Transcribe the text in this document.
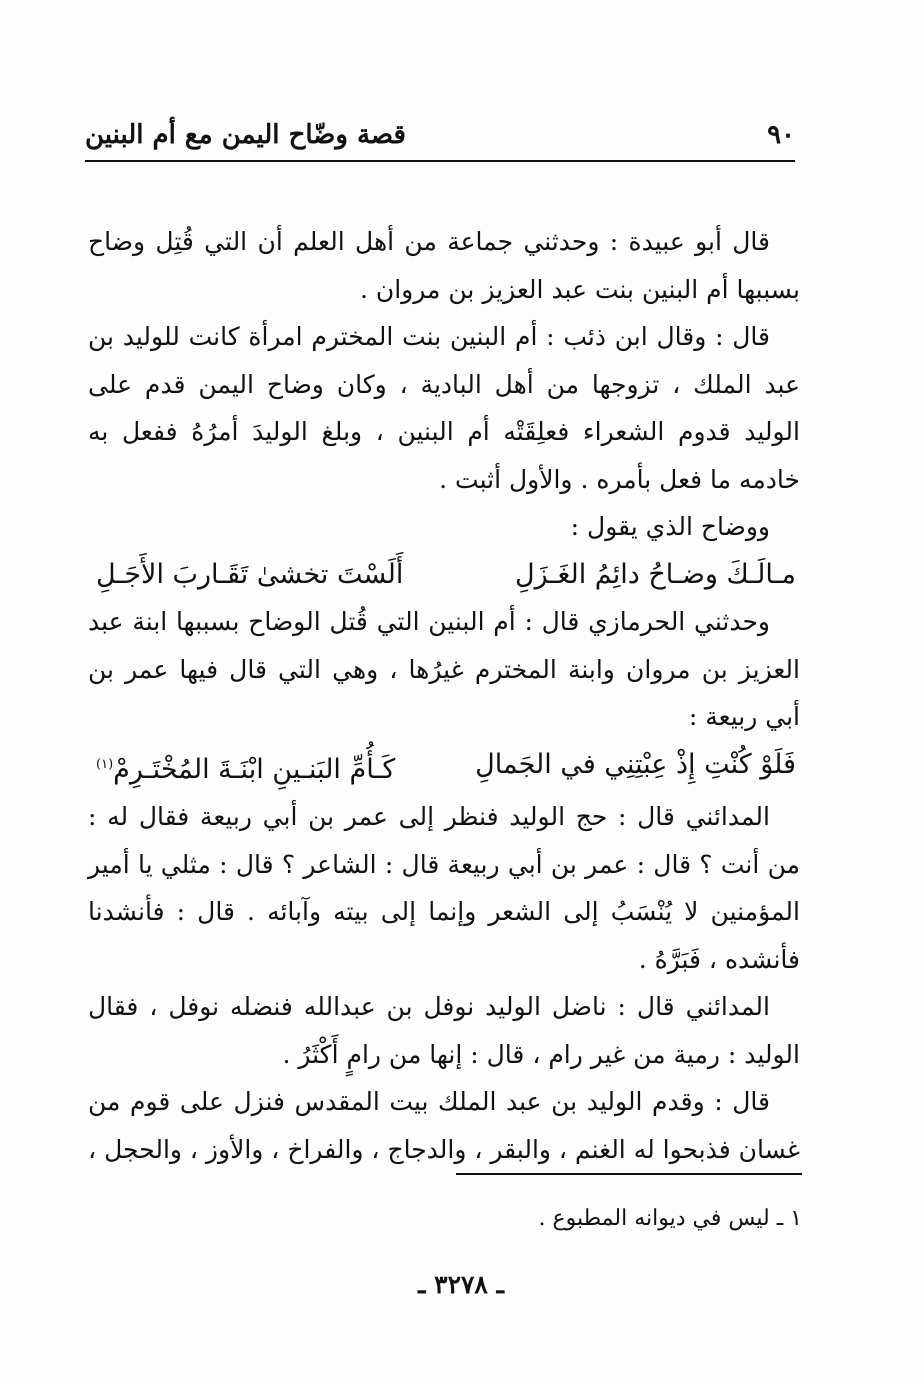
٩٠
قصة وضّاح اليمن مع أم البنين

قال أبو عبيدة : وحدثني جماعة من أهل العلم أن التي قُتِل وضاح بسببها أم البنين بنت عبد العزيز بن مروان .

قال : وقال ابن ذئب : أم البنين بنت المخترم امرأة كانت للوليد بن عبد الملك ، تزوجها من أهل البادية ، وكان وضاح اليمن قدم على الوليد قدوم الشعراء فعلِقَتْه أم البنين ، وبلغ الوليدَ أمرُهُ ففعل به خادمه ما فعل بأمره . والأول أثبت .

ووضاح الذي يقول :

مـالَـكَ وضـاحُ دائِمُ الغَـزَلِ
أَلَسْتَ تخشىٰ تَقَـاربَ الأَجَـلِ

وحدثني الحرمازي قال : أم البنين التي قُتل الوضاح بسببها ابنة عبد العزيز بن مروان وابنة المخترم غيرُها ، وهي التي قال فيها عمر بن أبي ربيعة :

فَلَوْ كُنْتِ إِذْ عِبْتِنِي في الجَمالِ
كَـأُمِّ البَنـينِ ابْنَـةَ المُخْتَـرِمْ$^{(١)}$

المدائني قال : حج الوليد فنظر إلى عمر بن أبي ربيعة فقال له : من أنت ؟ قال : عمر بن أبي ربيعة قال : الشاعر ؟ قال : مثلي يا أمير المؤمنين لا يُنْسَبُ إلى الشعر وإنما إلى بيته وآبائه . قال : فأنشدنا فأنشده ، فَبَرَّهُ .

المدائني قال : ناضل الوليد نوفل بن عبدالله فنضله نوفل ، فقال الوليد : رمية من غير رام ، قال : إنها من رامٍ أَكْثَرُ .

قال : وقدم الوليد بن عبد الملك بيت المقدس فنزل على قوم من غسان فذبحوا له الغنم ، والبقر ، والدجاج ، والفراخ ، والأوز ، والحجل ،

١ ـ ليس في ديوانه المطبوع .
ـ ٣٢٧٨ ـ
